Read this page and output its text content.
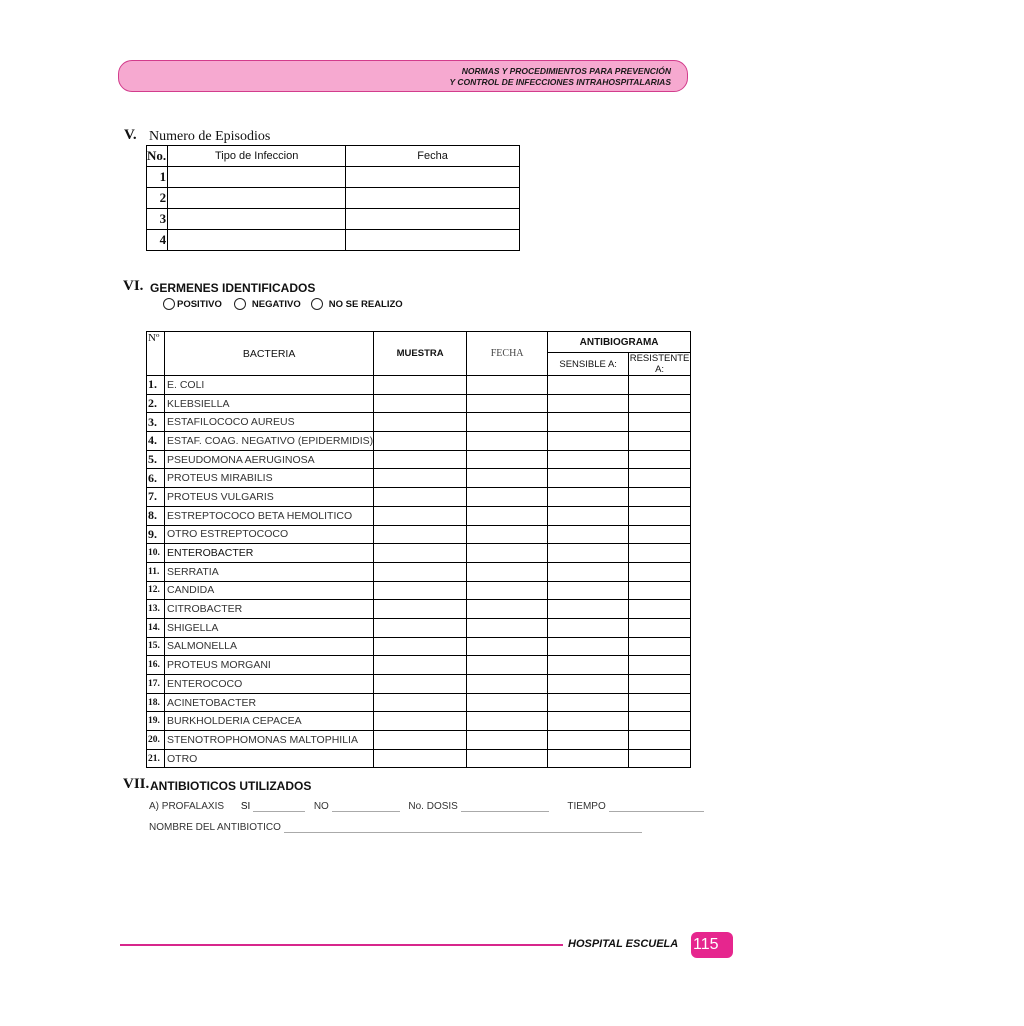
NORMAS Y PROCEDIMIENTOS PARA PREVENCIÓN
Y CONTROL DE INFECCIONES INTRAHOSPITALARIAS
V. Numero de Episodios
No.	Tipo de Infeccion	Fecha
1		
2		
3		
4		
VI. GERMENES IDENTIFICADOS
POSITIVO	NEGATIVO	NO SE REALIZO
Nº	BACTERIA	MUESTRA	FECHA	ANTIBIOGRAMA	
				SENSIBLE A:	RESISTENTE A:
1.	E. COLI				
2.	KLEBSIELLA				
3.	ESTAFILOCOCO AUREUS				
4.	ESTAF. COAG. NEGATIVO (EPIDERMIDIS)				
5.	PSEUDOMONA AERUGINOSA				
6.	PROTEUS MIRABILIS				
7.	PROTEUS VULGARIS				
8.	ESTREPTOCOCO BETA HEMOLITICO				
9.	OTRO ESTREPTOCOCO				
10.	ENTEROBACTER				
11.	SERRATIA				
12.	CANDIDA				
13.	CITROBACTER				
14.	SHIGELLA				
15.	SALMONELLA				
16.	PROTEUS MORGANI				
17.	ENTEROCOCO				
18.	ACINETOBACTER				
19.	BURKHOLDERIA CEPACEA				
20.	STENOTROPHOMONAS MALTOPHILIA				
21.	OTRO				
VII. ANTIBIOTICOS UTILIZADOS
A) PROFALAXIS SI	NO	No. DOSIS	TIEMPO
NOMBRE DEL ANTIBIOTICO
HOSPITAL ESCUELA 115
